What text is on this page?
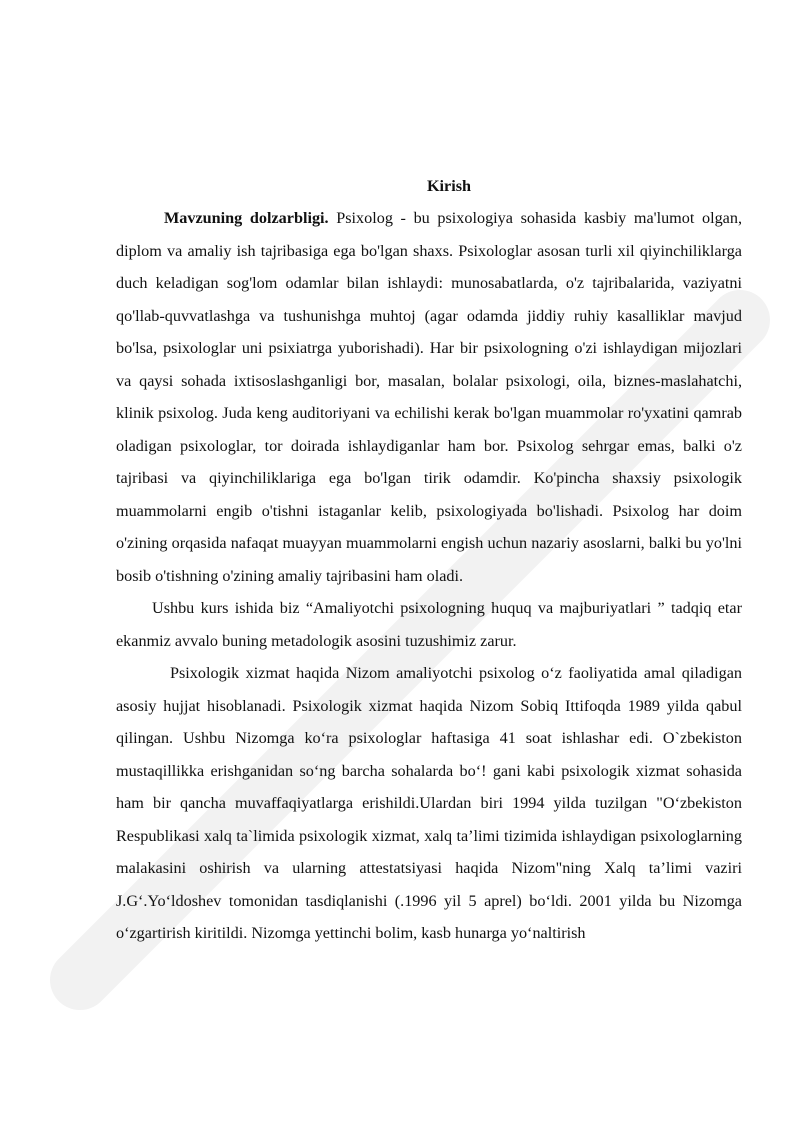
Kirish

Mavzuning dolzarbligi. Psixolog - bu psixologiya sohasida kasbiy ma'lumot olgan, diplom va amaliy ish tajribasiga ega bo'lgan shaxs. Psixologlar asosan turli xil qiyinchiliklarga duch keladigan sog'lom odamlar bilan ishlaydi: munosabatlarda, o'z tajribalarida, vaziyatni qo'llab-quvvatlashga va tushunishga muhtoj (agar odamda jiddiy ruhiy kasalliklar mavjud bo'lsa, psixologlar uni psixiatrga yuborishadi). Har bir psixologning o'zi ishlaydigan mijozlari va qaysi sohada ixtisoslashganligi bor, masalan, bolalar psixologi, oila, biznes-maslahatchi, klinik psixolog. Juda keng auditoriyani va echilishi kerak bo'lgan muammolar ro'yxatini qamrab oladigan psixologlar, tor doirada ishlaydiganlar ham bor. Psixolog sehrgar emas, balki o'z tajribasi va qiyinchiliklariga ega bo'lgan tirik odamdir. Ko'pincha shaxsiy psixologik muammolarni engib o'tishni istaganlar kelib, psixologiyada bo'lishadi. Psixolog har doim o'zining orqasida nafaqat muayyan muammolarni engish uchun nazariy asoslarni, balki bu yo'lni bosib o'tishning o'zining amaliy tajribasini ham oladi.

Ushbu kurs ishida biz “Amaliyotchi psixologning huquq va majburiyatlari ” tadqiq etar ekanmiz avvalo buning metadologik asosini tuzushimiz zarur.

Psixologik xizmat haqida Nizom amaliyotchi psixolog o‘z faoliyatida amal qiladigan asosiy hujjat hisoblanadi. Psixologik xizmat haqida Nizom Sobiq Ittifoqda 1989 yilda qabul qilingan. Ushbu Nizomga ko‘ra psixologlar haftasiga 41 soat ishlashar edi. O`zbekiston mustaqillikka erishganidan so‘ng barcha sohalarda bo‘! gani kabi psixologik xizmat sohasida ham bir qancha muvaffaqiyatlarga erishildi.Ulardan biri 1994 yilda tuzilgan "O‘zbekiston Respublikasi xalq ta`limida psixologik xizmat, xalq ta’limi tizimida ishlaydigan psixologlarning malakasini oshirish va ularning attestatsiyasi haqida Nizom"ning Xalq ta’limi vaziri J.G‘.Yo‘ldoshev tomonidan tasdiqlanishi (.1996 yil 5 aprel) bo‘ldi. 2001 yilda bu Nizomga o‘zgartirish kiritildi. Nizomga yettinchi bolim, kasb hunarga yo‘naltirish
